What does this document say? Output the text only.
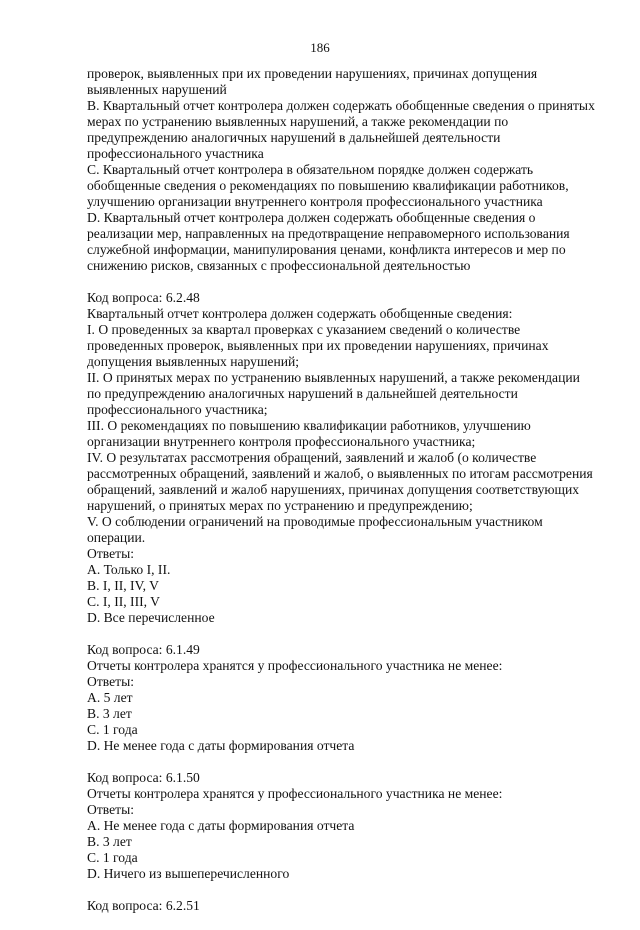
186

проверок, выявленных при их проведении нарушениях, причинах допущения выявленных нарушений

B. Квартальный отчет контролера должен содержать обобщенные сведения о принятых мерах по устранению выявленных нарушений, а также рекомендации по предупреждению аналогичных нарушений в дальнейшей деятельности профессионального участника

C. Квартальный отчет контролера в обязательном порядке должен содержать обобщенные сведения о рекомендациях по повышению квалификации работников, улучшению организации внутреннего контроля профессионального участника

D. Квартальный отчет контролера должен содержать обобщенные сведения о реализации мер, направленных на предотвращение неправомерного использования служебной информации, манипулирования ценами, конфликта интересов и мер по снижению рисков, связанных с профессиональной деятельностью

Код вопроса: 6.2.48

Квартальный отчет контролера должен содержать обобщенные сведения:

I. О проведенных за квартал проверках с указанием сведений о количестве проведенных проверок, выявленных при их проведении нарушениях, причинах допущения выявленных нарушений;

II. О принятых мерах по устранению выявленных нарушений, а также рекомендации по предупреждению аналогичных нарушений в дальнейшей деятельности профессионального участника;

III. О рекомендациях по повышению квалификации работников, улучшению организации внутреннего контроля профессионального участника;

IV. О результатах рассмотрения обращений, заявлений и жалоб (о количестве рассмотренных обращений, заявлений и жалоб, о выявленных по итогам рассмотрения обращений, заявлений и жалоб нарушениях, причинах допущения соответствующих нарушений, о принятых мерах по устранению и предупреждению;

V. О соблюдении ограничений на проводимые профессиональным участником операции.

Ответы:

A. Только I, II.

B. I, II, IV, V

C. I, II, III, V

D. Все перечисленное

Код вопроса: 6.1.49

Отчеты контролера хранятся у профессионального участника не менее:

Ответы:

A. 5 лет

B. 3 лет

C. 1 года

D. Не менее года с даты формирования отчета

Код вопроса: 6.1.50

Отчеты контролера хранятся у профессионального участника не менее:

Ответы:

A. Не менее года с даты формирования отчета

B. 3 лет

C. 1 года

D. Ничего из вышеперечисленного

Код вопроса: 6.2.51
